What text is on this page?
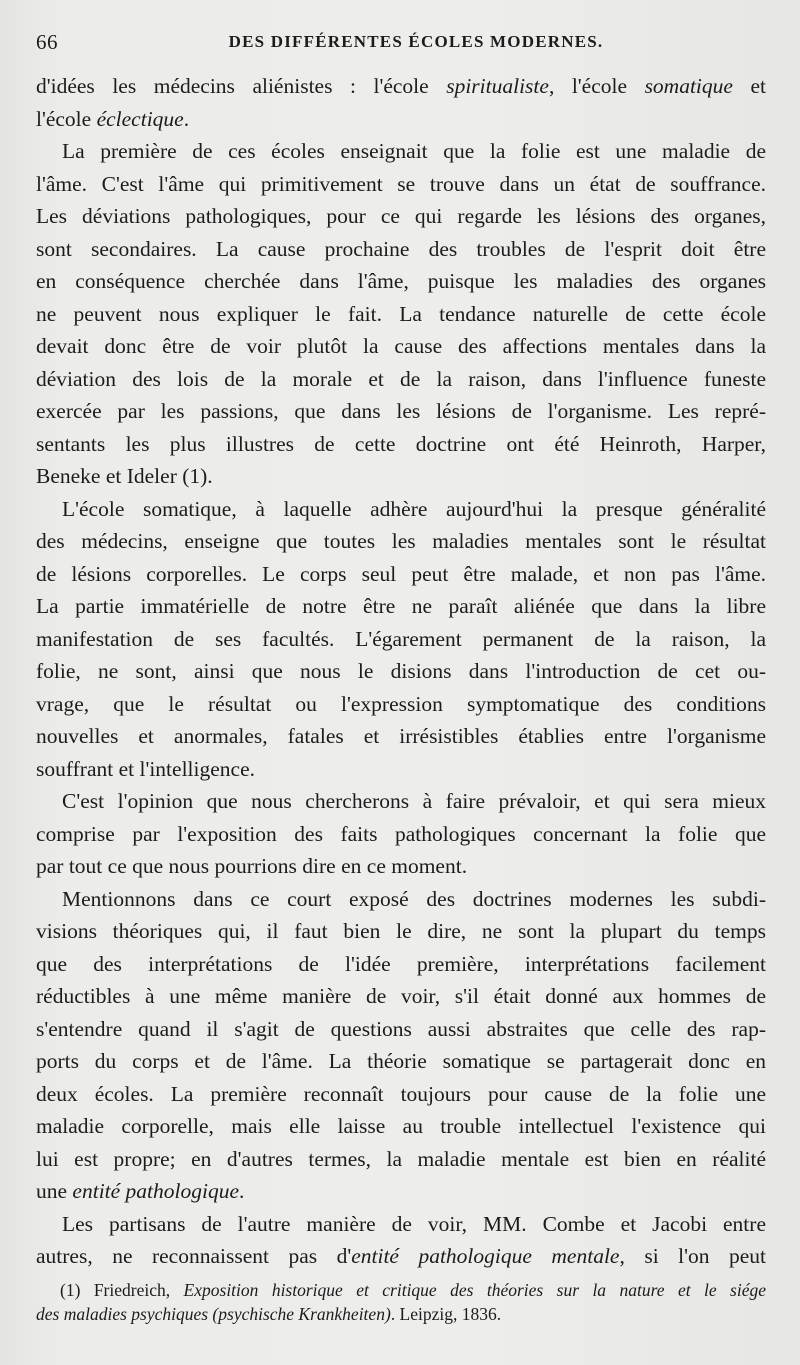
66	DES DIFFÉRENTES ÉCOLES MODERNES.
d'idées les médecins aliénistes : l'école spiritualiste, l'école somatique et
l'école éclectique.
La première de ces écoles enseignait que la folie est une maladie de
l'âme. C'est l'âme qui primitivement se trouve dans un état de souffrance.
Les déviations pathologiques, pour ce qui regarde les lésions des organes,
sont secondaires. La cause prochaine des troubles de l'esprit doit être
en conséquence cherchée dans l'âme, puisque les maladies des organes
ne peuvent nous expliquer le fait. La tendance naturelle de cette école
devait donc être de voir plutôt la cause des affections mentales dans la
déviation des lois de la morale et de la raison, dans l'influence funeste
exercée par les passions, que dans les lésions de l'organisme. Les repré-
sentants les plus illustres de cette doctrine ont été Heinroth, Harper,
Beneke et Ideler (1).
L'école somatique, à laquelle adhère aujourd'hui la presque généralité
des médecins, enseigne que toutes les maladies mentales sont le résultat
de lésions corporelles. Le corps seul peut être malade, et non pas l'âme.
La partie immatérielle de notre être ne paraît aliénée que dans la libre
manifestation de ses facultés. L'égarement permanent de la raison, la
folie, ne sont, ainsi que nous le disions dans l'introduction de cet ou-
vrage, que le résultat ou l'expression symptomatique des conditions
nouvelles et anormales, fatales et irrésistibles établies entre l'organisme
souffrant et l'intelligence.
C'est l'opinion que nous chercherons à faire prévaloir, et qui sera mieux
comprise par l'exposition des faits pathologiques concernant la folie que
par tout ce que nous pourrions dire en ce moment.
Mentionnons dans ce court exposé des doctrines modernes les subdi-
visions théoriques qui, il faut bien le dire, ne sont la plupart du temps
que des interprétations de l'idée première, interprétations facilement
réductibles à une même manière de voir, s'il était donné aux hommes de
s'entendre quand il s'agit de questions aussi abstraites que celle des rap-
ports du corps et de l'âme. La théorie somatique se partagerait donc en
deux écoles. La première reconnaît toujours pour cause de la folie une
maladie corporelle, mais elle laisse au trouble intellectuel l'existence qui
lui est propre; en d'autres termes, la maladie mentale est bien en réalité
une entité pathologique.
Les partisans de l'autre manière de voir, MM. Combe et Jacobi entre
autres, ne reconnaissent pas d'entité pathologique mentale, si l'on peut
(1) Friedreich, Exposition historique et critique des théories sur la nature et le siége
des maladies psychiques (psychische Krankheiten). Leipzig, 1836.
